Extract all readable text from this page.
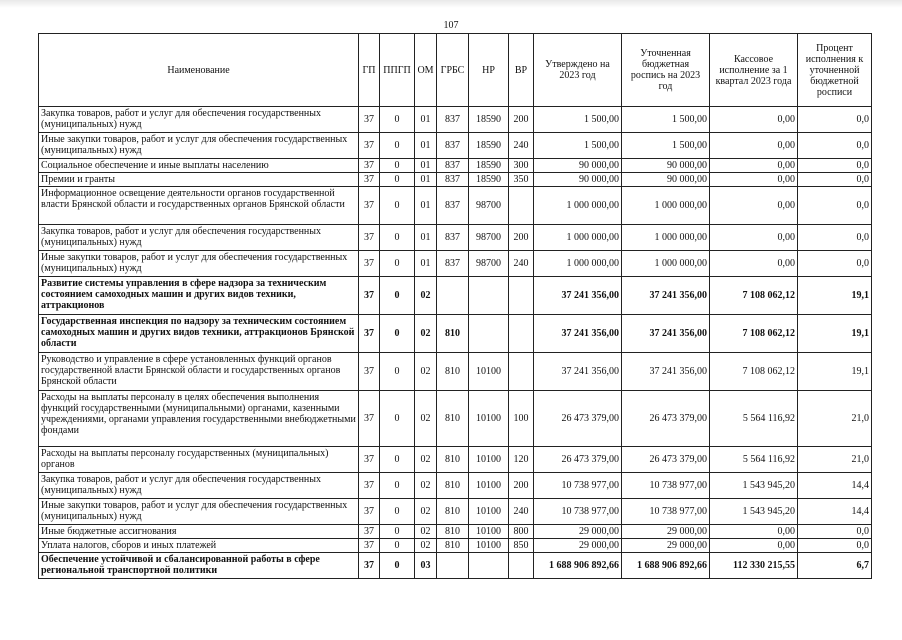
107
Наименование	ГП	ППГП	ОМ	ГРБС	НР	ВР	Утверждено на 2023 год	Уточненная бюджетная роспись на 2023 год	Кассовое исполнение за 1 квартал 2023 года	Процент исполнения к уточненной бюджетной росписи
Закупка товаров, работ и услуг для обеспечения государственных (муниципальных) нужд	37	0	01	837	18590	200	1 500,00	1 500,00	0,00	0,0
Иные закупки товаров, работ и услуг для обеспечения государственных (муниципальных) нужд	37	0	01	837	18590	240	1 500,00	1 500,00	0,00	0,0
Социальное обеспечение и иные выплаты населению	37	0	01	837	18590	300	90 000,00	90 000,00	0,00	0,0
Премии и гранты	37	0	01	837	18590	350	90 000,00	90 000,00	0,00	0,0
Информационное освещение деятельности органов государственной власти Брянской области и государственных органов Брянской области	37	0	01	837	98700		1 000 000,00	1 000 000,00	0,00	0,0
Закупка товаров, работ и услуг для обеспечения государственных (муниципальных) нужд	37	0	01	837	98700	200	1 000 000,00	1 000 000,00	0,00	0,0
Иные закупки товаров, работ и услуг для обеспечения государственных (муниципальных) нужд	37	0	01	837	98700	240	1 000 000,00	1 000 000,00	0,00	0,0
Развитие системы управления в сфере надзора за техническим состоянием самоходных машин и других видов техники, аттракционов	37	0	02				37 241 356,00	37 241 356,00	7 108 062,12	19,1
Государственная инспекция по надзору за техническим состоянием самоходных машин и других видов техники, аттракционов Брянской области	37	0	02	810			37 241 356,00	37 241 356,00	7 108 062,12	19,1
Руководство и управление в сфере установленных функций органов государственной власти Брянской области и государственных органов Брянской области	37	0	02	810	10100		37 241 356,00	37 241 356,00	7 108 062,12	19,1
Расходы на выплаты персоналу в целях обеспечения выполнения функций государственными (муниципальными) органами, казенными учреждениями, органами управления государственными внебюджетными фондами	37	0	02	810	10100	100	26 473 379,00	26 473 379,00	5 564 116,92	21,0
Расходы на выплаты персоналу государственных (муниципальных) органов	37	0	02	810	10100	120	26 473 379,00	26 473 379,00	5 564 116,92	21,0
Закупка товаров, работ и услуг для обеспечения государственных (муниципальных) нужд	37	0	02	810	10100	200	10 738 977,00	10 738 977,00	1 543 945,20	14,4
Иные закупки товаров, работ и услуг для обеспечения государственных (муниципальных) нужд	37	0	02	810	10100	240	10 738 977,00	10 738 977,00	1 543 945,20	14,4
Иные бюджетные ассигнования	37	0	02	810	10100	800	29 000,00	29 000,00	0,00	0,0
Уплата налогов, сборов и иных платежей	37	0	02	810	10100	850	29 000,00	29 000,00	0,00	0,0
Обеспечение устойчивой и сбалансированной работы в сфере региональной транспортной политики	37	0	03				1 688 906 892,66	1 688 906 892,66	112 330 215,55	6,7
